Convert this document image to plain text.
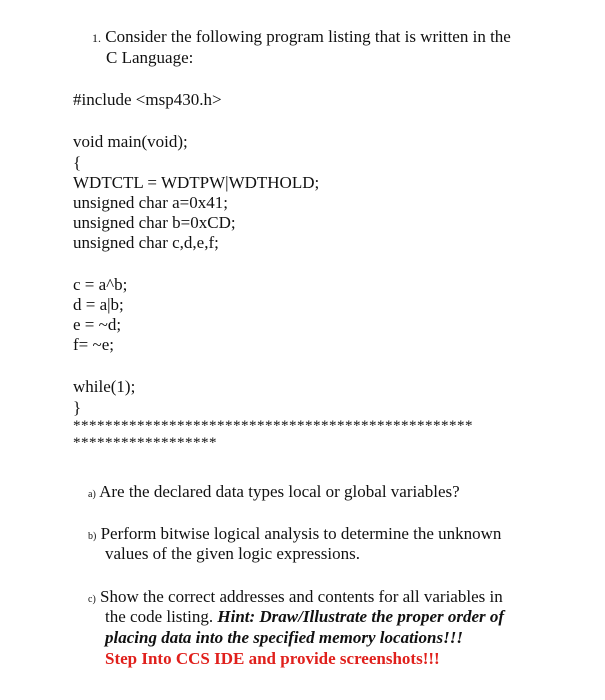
1. Consider the following program listing that is written in the
C Language:
#include <msp430.h>
void main(void);
{
WDTCTL = WDTPW|WDTHOLD;
unsigned char a=0x41;
unsigned char b=0xCD;
unsigned char c,d,e,f;
c = a^b;
d = a|b;
e = ~d;
f= ~e;
while(1);
}
**************************************************
******************
a) Are the declared data types local or global variables?
b) Perform bitwise logical analysis to determine the unknown
values of the given logic expressions.
c) Show the correct addresses and contents for all variables in
the code listing. Hint: Draw/Illustrate the proper order of
placing data into the specified memory locations!!!
Step Into CCS IDE and provide screenshots!!!
